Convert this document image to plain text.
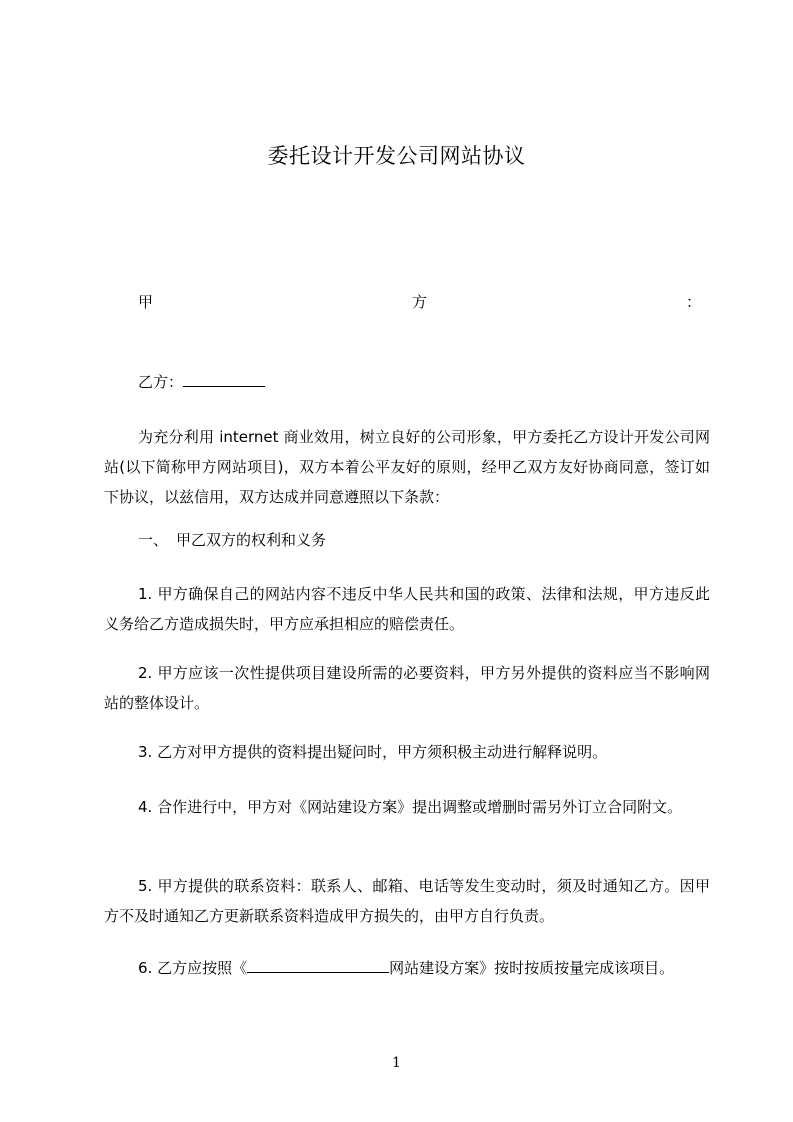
委托设计开发公司网站协议
甲	方	：
乙方：
为充分利用 internet 商业效用，树立良好的公司形象，甲方委托乙方设计开发公司网站(以下简称甲方网站项目)，双方本着公平友好的原则，经甲乙双方友好协商同意，签订如下协议，以兹信用，双方达成并同意遵照以下条款：
一、 甲乙双方的权利和义务
1. 甲方确保自己的网站内容不违反中华人民共和国的政策、法律和法规，甲方违反此义务给乙方造成损失时，甲方应承担相应的赔偿责任。
2. 甲方应该一次性提供项目建设所需的必要资料，甲方另外提供的资料应当不影响网站的整体设计。
3. 乙方对甲方提供的资料提出疑问时，甲方须积极主动进行解释说明。
4. 合作进行中，甲方对《网站建设方案》提出调整或增删时需另外订立合同附文。
5. 甲方提供的联系资料：联系人、邮箱、电话等发生变动时，须及时通知乙方。因甲方不及时通知乙方更新联系资料造成甲方损失的，由甲方自行负责。
6. 乙方应按照《	网站建设方案》按时按质按量完成该项目。
1
